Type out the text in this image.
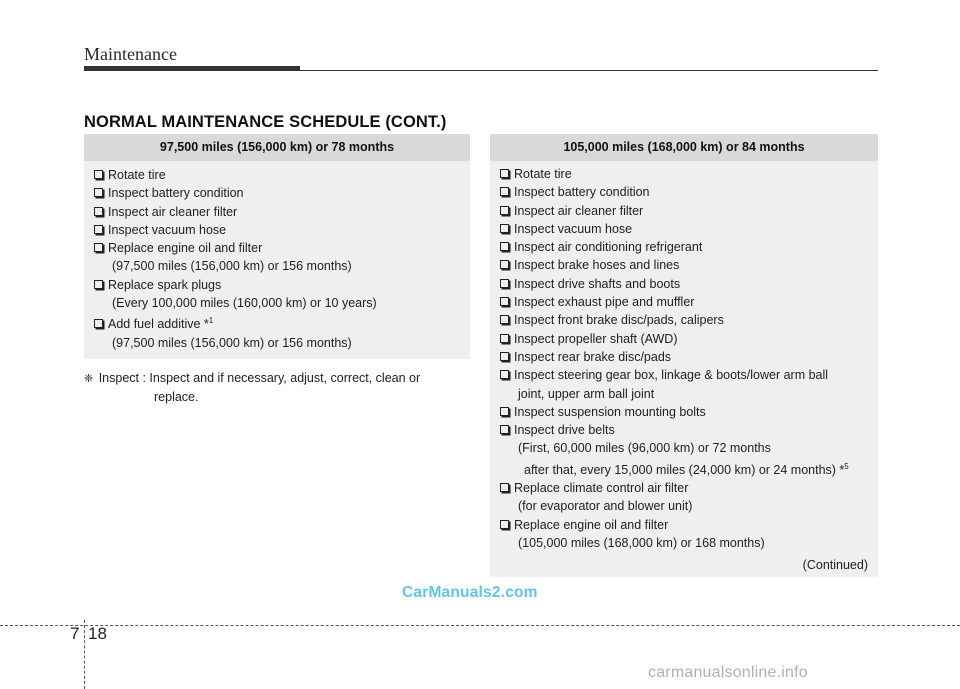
Maintenance
NORMAL MAINTENANCE SCHEDULE (CONT.)
97,500 miles (156,000 km) or 78 months
Rotate tire
Inspect battery condition
Inspect air cleaner filter
Inspect vacuum hose
Replace engine oil and filter
(97,500 miles (156,000 km) or 156 months)
Replace spark plugs
(Every 100,000 miles (160,000 km) or 10 years)
Add fuel additive *$^1$
(97,500 miles (156,000 km) or 156 months)
❈ Inspect : Inspect and if necessary, adjust, correct, clean or
replace.
105,000 miles (168,000 km) or 84 months
Rotate tire
Inspect battery condition
Inspect air cleaner filter
Inspect vacuum hose
Inspect air conditioning refrigerant
Inspect brake hoses and lines
Inspect drive shafts and boots
Inspect exhaust pipe and muffler
Inspect front brake disc/pads, calipers
Inspect propeller shaft (AWD)
Inspect rear brake disc/pads
Inspect steering gear box, linkage & boots/lower arm ball
joint, upper arm ball joint
Inspect suspension mounting bolts
Inspect drive belts
(First, 60,000 miles (96,000 km) or 72 months
after that, every 15,000 miles (24,000 km) or 24 months) *$^5$
Replace climate control air filter
(for evaporator and blower unit)
Replace engine oil and filter
(105,000 miles (168,000 km) or 168 months)
(Continued)
CarManuals2.com
7 18
carmanualsonline.info
